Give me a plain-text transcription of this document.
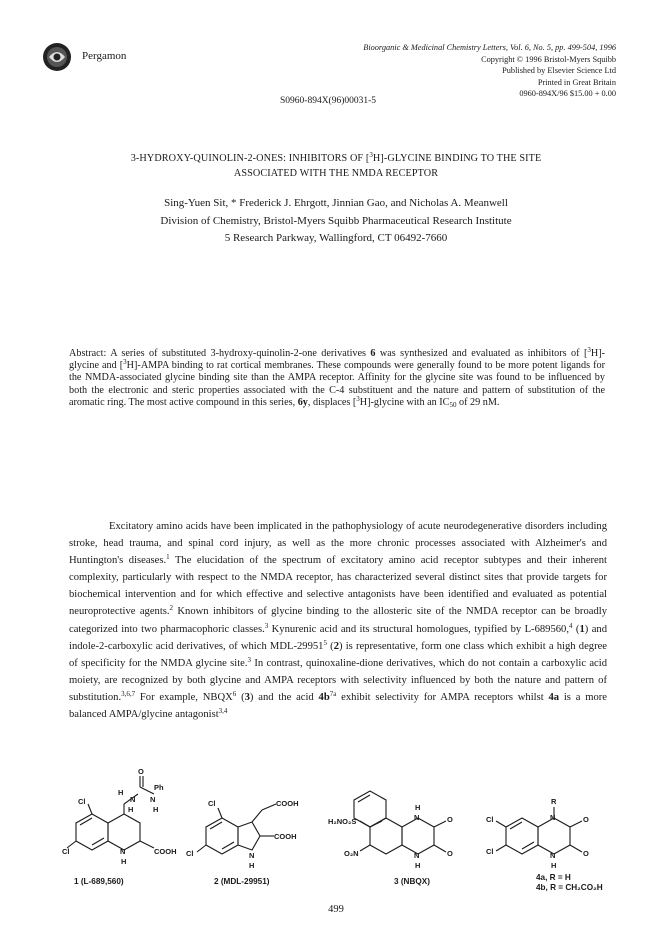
Pergamon
Bioorganic & Medicinal Chemistry Letters, Vol. 6, No. 5, pp. 499-504, 1996
Copyright © 1996 Bristol-Myers Squibb
Published by Elsevier Science Ltd
Printed in Great Britain
0960-894X/96 $15.00 + 0.00
S0960-894X(96)00031-5
3-HYDROXY-QUINOLIN-2-ONES: INHIBITORS OF [$^3$H]-GLYCINE BINDING TO THE SITE
ASSOCIATED WITH THE NMDA RECEPTOR
Sing-Yuen Sit, * Frederick J. Ehrgott, Jinnian Gao, and Nicholas A. Meanwell
Division of Chemistry, Bristol-Myers Squibb Pharmaceutical Research Institute
5 Research Parkway, Wallingford, CT 06492-7660
Abstract: A series of substituted 3-hydroxy-quinolin-2-one derivatives 6 was synthesized and evaluated as inhibitors of [$^3$H]-glycine and [$^3$H]-AMPA binding to rat cortical membranes. These compounds were generally found to be more potent ligands for the NMDA-associated glycine binding site than the AMPA receptor. Affinity for the glycine site was found to be influenced by both the electronic and steric properties associated with the C-4 substituent and the nature and pattern of substitution of the aromatic ring. The most active compound in this series, 6y, displaces [$^3$H]-glycine with an $IC_{50}$ of 29 nM.
Excitatory amino acids have been implicated in the pathophysiology of acute neurodegenerative disorders including stroke, head trauma, and spinal cord injury, as well as the more chronic processes associated with Alzheimer's and Huntington's diseases.$^1$ The elucidation of the spectrum of excitatory amino acid receptor subtypes and their inherent complexity, particularly with respect to the NMDA receptor, has characterized several distinct sites that provide targets for biochemical intervention and for which effective and selective antagonists have been identified and evaluated as potential neuroprotective agents.$^2$ Known inhibitors of glycine binding to the allosteric site of the NMDA receptor can be broadly categorized into two pharmacophoric classes.$^3$ Kynurenic acid and its structural homologues, typified by L-689560,$^4$ (1) and indole-2-carboxylic acid derivatives, of which MDL-29951$^5$ (2) is representative, form one class which exhibit a high degree of specificity for the NMDA glycine site.$^3$ In contrast, quinoxaline-dione derivatives, which do not contain a carboxylic acid moiety, are recognized by both glycine and AMPA receptors with selectivity influenced by both the nature and pattern of substitution.$^{3,6,7}$ For example, NBQX$^6$ (3) and the acid $4b^{7a}$ exhibit selectivity for AMPA receptors whilst 4a is a more balanced AMPA/glycine antagonist$^{3,4}$
O
H
N N
Ph
H	H
Cl
Cl	N	COOH
H
1 (L-689,560)
COOH
Cl
COOH
Cl	N
H
2 (MDL-29951)
H₂NO₂S
H
N	O
O₂N	N
H
O
3 (NBQX)
R
N	O
Cl
Cl	N
H
O
4a, R = H
4b, R = CH₂CO₂H
499
